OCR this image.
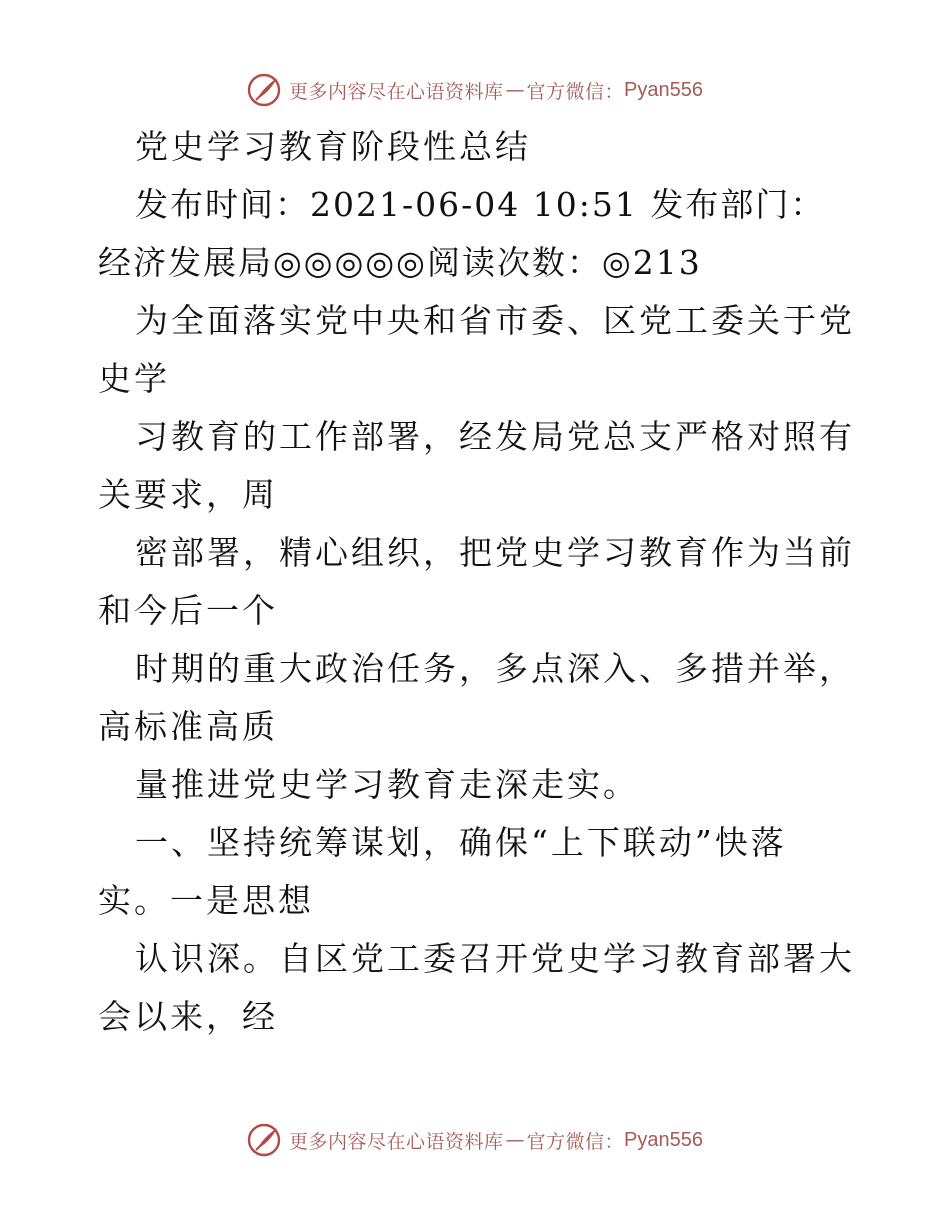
更多内容尽在心语资料库 — 官方微信： Pyan556

党史学习教育阶段性总结

发布时间：2021-06-04 10:51 发布部门：经济发展局◎◎◎◎◎阅读次数：◎213

为全面落实党中央和省市委、区党工委关于党史学

习教育的工作部署，经发局党总支严格对照有关要求，周

密部署，精心组织，把党史学习教育作为当前和今后一个

时期的重大政治任务，多点深入、多措并举，高标准高质

量推进党史学习教育走深走实。

一、坚持统筹谋划，确保“上下联动”快落实。一是思想

认识深。自区党工委召开党史学习教育部署大会以来，经

更多内容尽在心语资料库 — 官方微信： Pyan556
